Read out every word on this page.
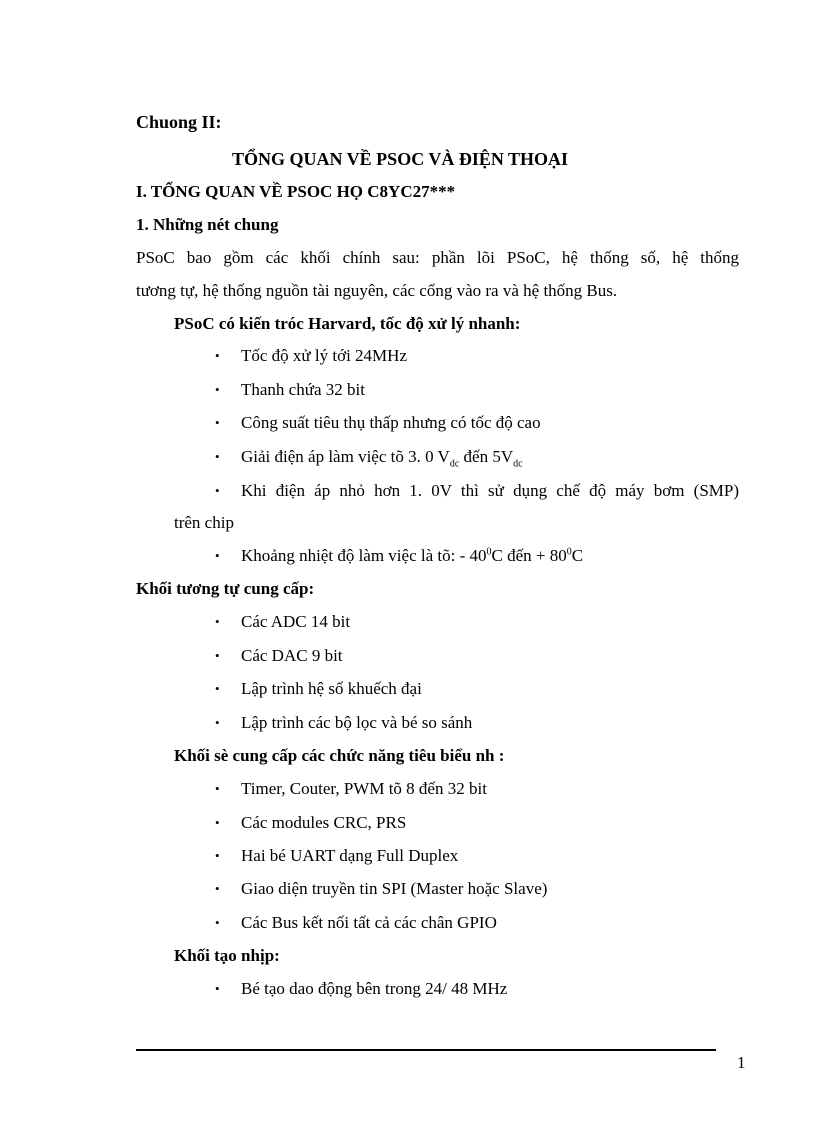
Chuong II:
TỔNG QUAN VỀ PSOC VÀ ĐIỆN THOẠI
I. TỔNG QUAN VỀ PSOC HỌ C8YC27***
1. Những nét chung
PSoC bao gồm các khối chính sau: phần lõi PSoC, hệ thống số, hệ thống
tương tự, hệ thống nguồn tài nguyên, các cổng vào ra và hệ thống Bus.
PSoC có kiến tróc Harvard, tốc độ xử lý nhanh:
• Tốc độ xử lý tới 24MHz
• Thanh chứa 32 bit
• Công suất tiêu thụ thấp nhưng có tốc độ cao
• Giải điện áp làm việc tõ 3. 0 $V_{dc}$ đến $5V_{dc}$
• Khi điện áp nhỏ hơn 1. 0V thì sử dụng chế độ máy bơm (SMP)
trên chip
• Khoảng nhiệt độ làm việc là tõ: - $40^0C$ đến + $80^0C$
Khối tương tự cung cấp:
• Các ADC 14 bit
• Các DAC 9 bit
• Lập trình hệ số khuếch đại
• Lập trình các bộ lọc và bé so sánh
Khối sè cung cấp các chức năng tiêu biểu nh :
• Timer, Couter, PWM tõ 8 đến 32 bit
• Các modules CRC, PRS
• Hai bé UART dạng Full Duplex
• Giao diện truyền tin SPI (Master hoặc Slave)
• Các Bus kết nối tất cả các chân GPIO
Khối tạo nhịp:
• Bé tạo dao động bên trong 24/ 48 MHz
1
